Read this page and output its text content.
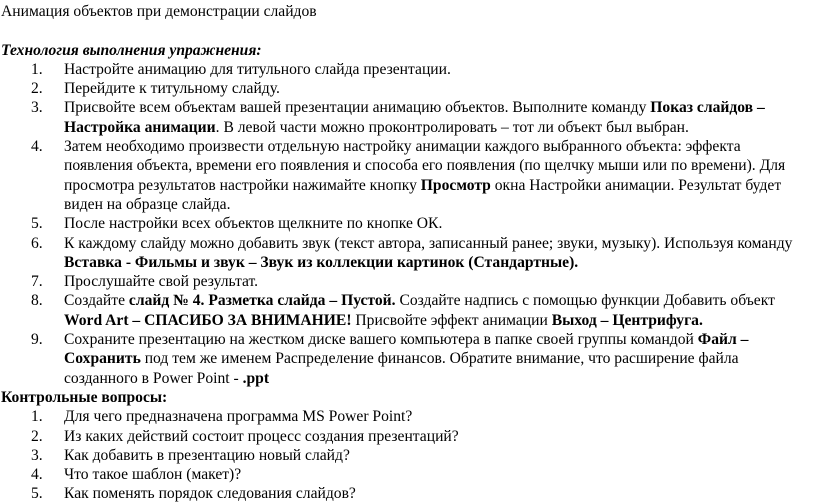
Анимация объектов при демонстрации слайдов
Технология выполнения упражнения:
1. Настройте анимацию для титульного слайда презентации.
2. Перейдите к титульному слайду.
3. Присвойте всем объектам вашей презентации анимацию объектов. Выполните команду Показ слайдов – Настройка анимации. В левой части можно проконтролировать – тот ли объект был выбран.
4. Затем необходимо произвести отдельную настройку анимации каждого выбранного объекта: эффекта появления объекта, времени его появления и способа его появления (по щелчку мыши или по времени). Для просмотра результатов настройки нажимайте кнопку Просмотр окна Настройки анимации. Результат будет виден на образце слайда.
5. После настройки всех объектов щелкните по кнопке ОК.
6. К каждому слайду можно добавить звук (текст автора, записанный ранее; звуки, музыку). Используя команду Вставка - Фильмы и звук – Звук из коллекции картинок (Стандартные).
7. Прослушайте свой результат.
8. Создайте слайд № 4. Разметка слайда – Пустой. Создайте надпись с помощью функции Добавить объект Word Art – СПАСИБО ЗА ВНИМАНИЕ! Присвойте эффект анимации Выход – Центрифуга.
9. Сохраните презентацию на жестком диске вашего компьютера в папке своей группы командой Файл – Сохранить под тем же именем Распределение финансов. Обратите внимание, что расширение файла созданного в Power Point - .ppt
Контрольные вопросы:
1. Для чего предназначена программа MS Power Point?
2. Из каких действий состоит процесс создания презентаций?
3. Как добавить в презентацию новый слайд?
4. Что такое шаблон (макет)?
5. Как поменять порядок следования слайдов?
